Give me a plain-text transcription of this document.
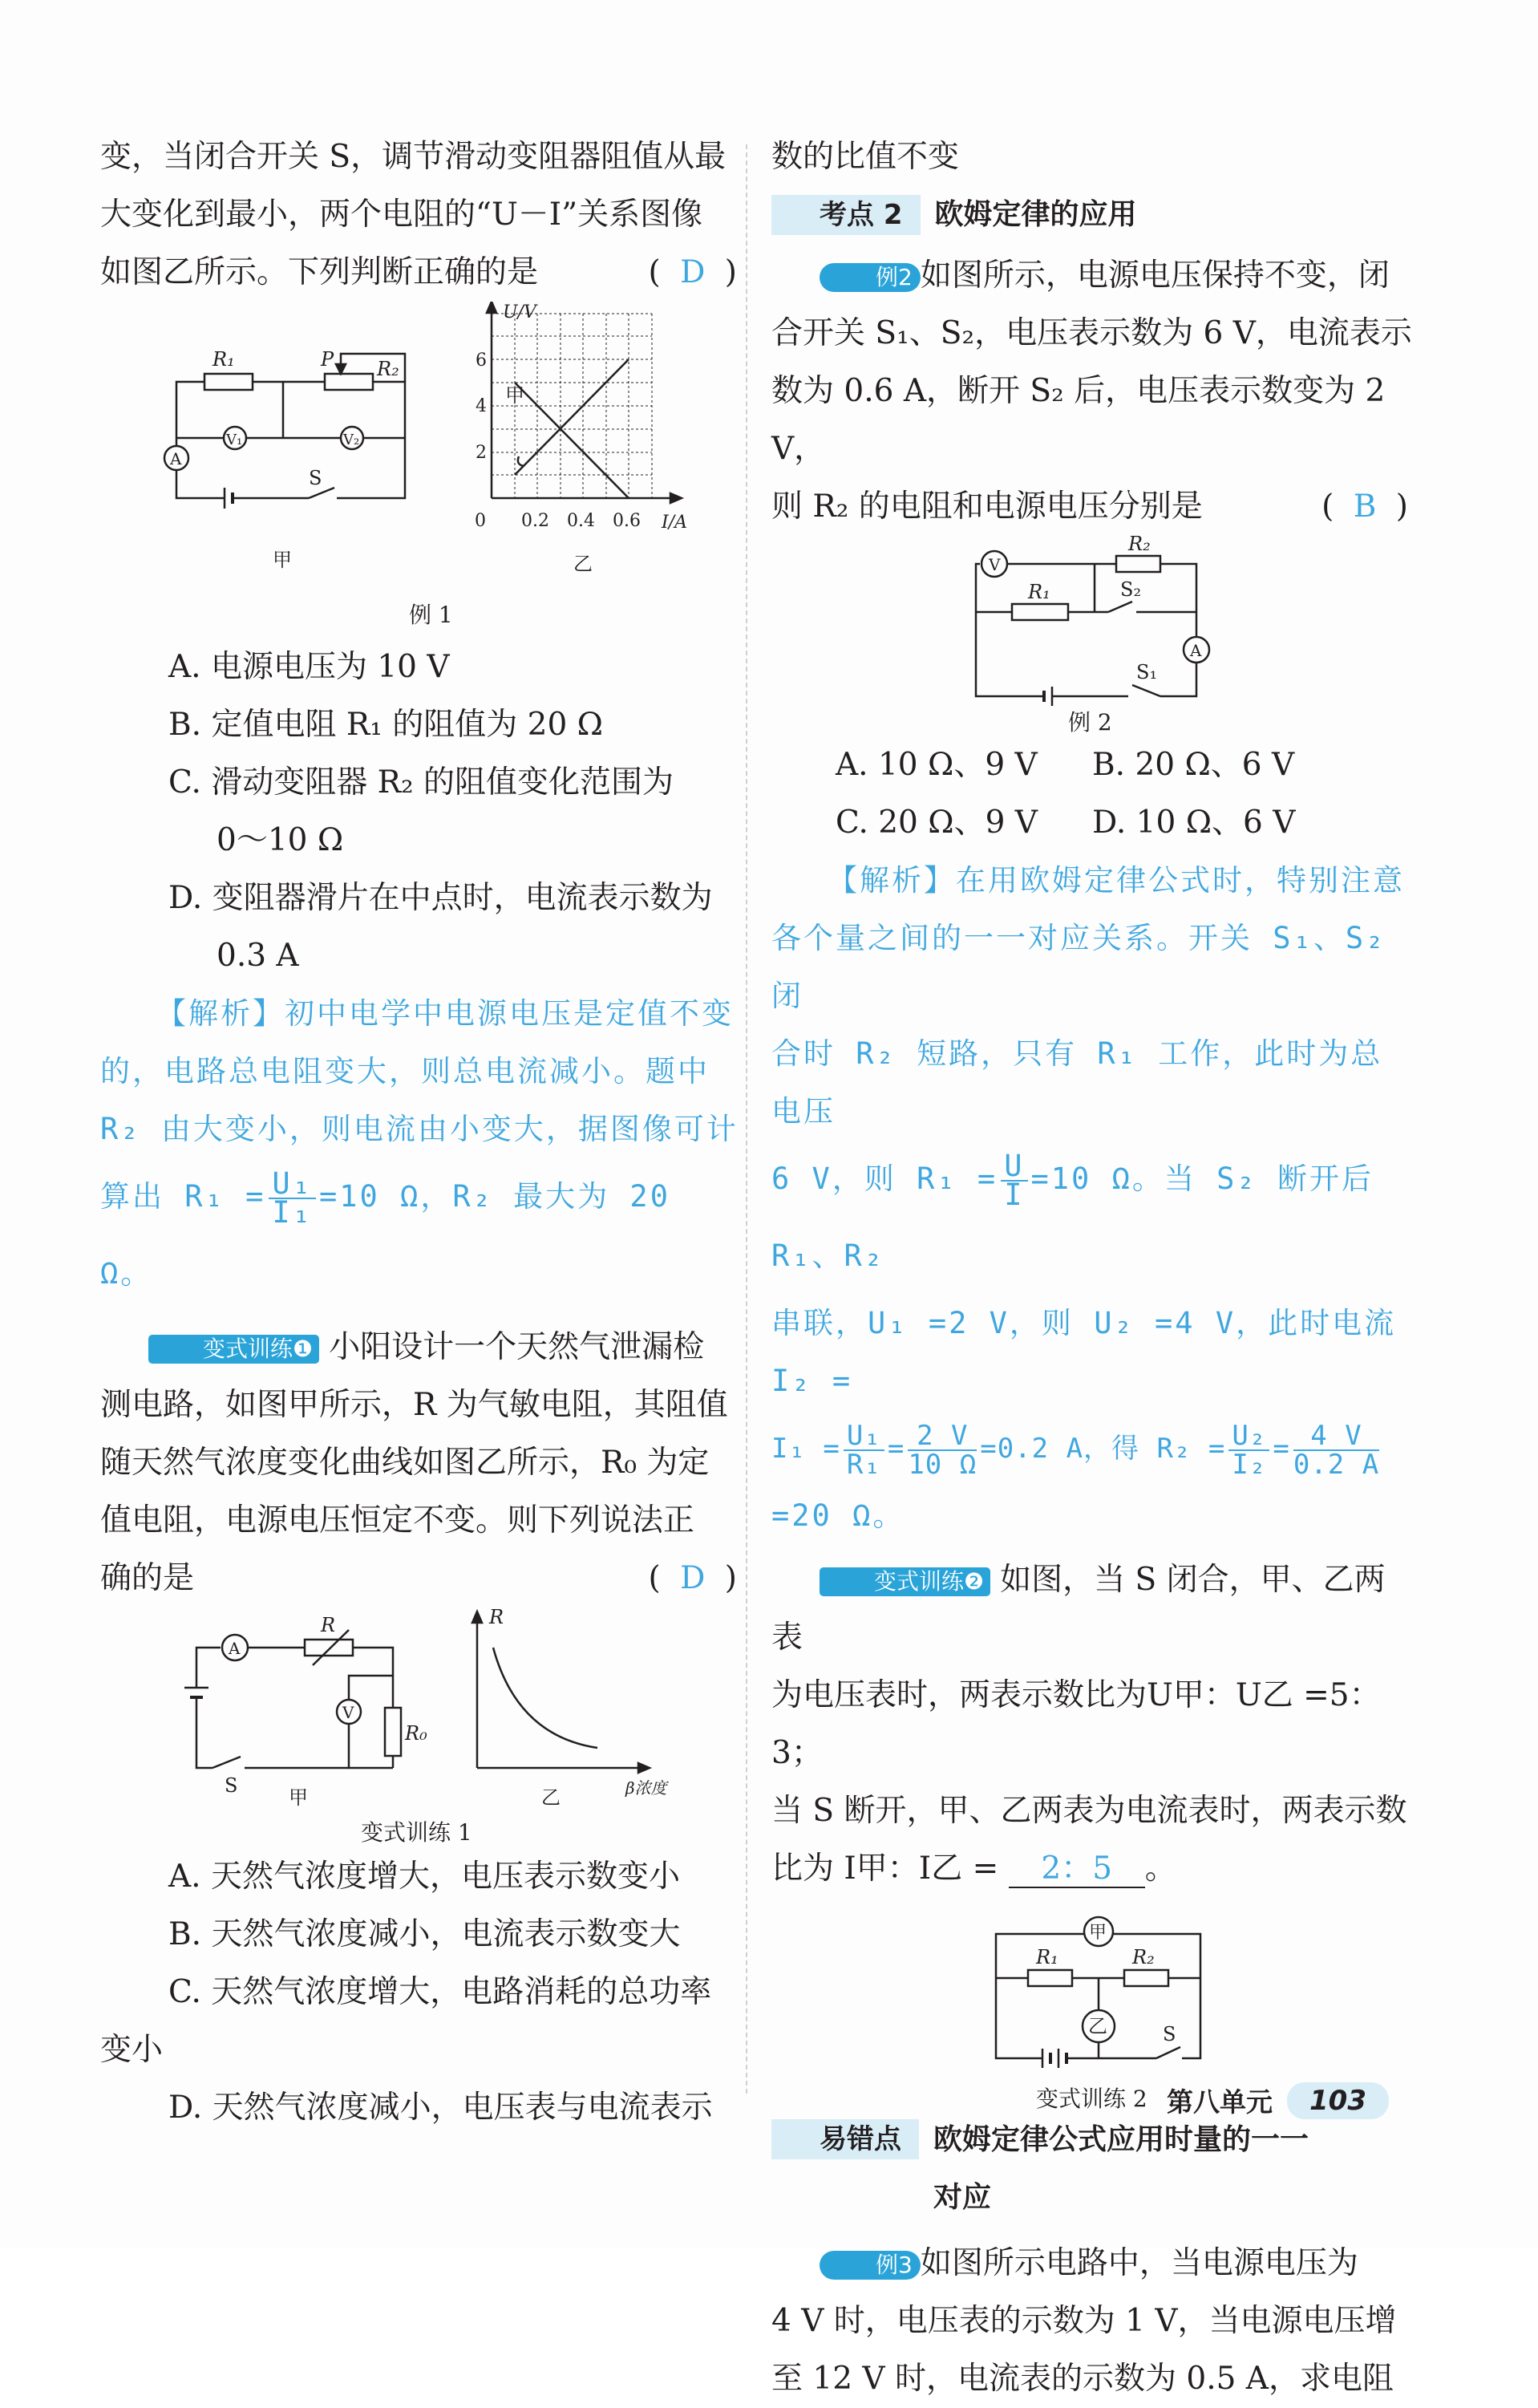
变，当闭合开关 S，调节滑动变阻器阻值从最

大变化到最小，两个电阻的“U－I”关系图像

如图乙所示。下列判断正确的是	( D )

R₁	P R₂
V₁	V₂
A
S
甲
甲
U/V
6
4
2
0 0.2 0.4 0.6 I/A
乙
例 1

A. 电源电压为 10 V

B. 定值电阻 R₁ 的阻值为 20 Ω

C. 滑动变阻器 R₂ 的阻值变化范围为

0～10 Ω

D. 变阻器滑片在中点时，电流表示数为

0.3 A

【解析】初中电学中电源电压是定值不变

的，电路总电阻变大，则总电流减小。题中

R₂ 由大变小，则电流由小变大，据图像可计

算出 $R_1 = \frac{\text{U₁}}{\text{I₁}} =10$ Ω，R₂ 最大为 20 Ω。

变式训练❶ 小阳设计一个天然气泄漏检

测电路，如图甲所示，R 为气敏电阻，其阻值

随天然气浓度变化曲线如图乙所示，R₀ 为定

值电阻，电源电压恒定不变。则下列说法正

确的是	( D )

A
R
V
R₀
S
甲
R
β浓度
乙
变式训练 1

A. 天然气浓度增大，电压表示数变小

B. 天然气浓度减小，电流表示数变大

C. 天然气浓度增大，电路消耗的总功率

变小

D. 天然气浓度减小，电压表与电流表示

数的比值不变

考点 2	欧姆定律的应用

例2 如图所示，电源电压保持不变，闭

合开关 S₁、S₂，电压表示数为 6 V，电流表示

数为 0.6 A，断开 S₂ 后，电压表示数变为 2 V，

则 R₂ 的电阻和电源电压分别是	( B )

V
R₂
R₁	S₂
A
S₁
例 2
A. 10 Ω、9 V	B. 20 Ω、6 V
C. 20 Ω、9 V	D. 10 Ω、6 V

【解析】在用欧姆定律公式时，特别注意

各个量之间的一一对应关系。开关 S₁、S₂ 闭

合时 R₂ 短路，只有 R₁ 工作，此时为总电压

6 V，则 $R_1 = \frac{U}{I} =10$ Ω。当 S₂ 断开后 R₁、R₂

串联，U₁ =2 V，则 U₂ =4 V，此时电流 I₂ =

$I_1 = \frac{\text{U₁}}{\text{R₁}} = \frac{2 V}{10 \Omega} =0.2$ A，得 $R_2 = \frac{\text{U₂}}{\text{I₂}} = \frac{4 V}{0.2 A}$

=20 Ω。

变式训练❷ 如图，当 S 闭合，甲、乙两表

为电压表时，两表示数比为U甲：U乙 =5：3；

当 S 断开，甲、乙两表为电流表时，两表示数

比为 I甲：I乙 = 2：5 。

甲
乙
R₁	R₂
S
变式训练 2
易错点	欧姆定律公式应用时量的一一
对应

例3 如图所示电路中，当电源电压为

4 V 时，电压表的示数为 1 V，当电源电压增

至 12 V 时，电流表的示数为 0.5 A，求电阻

第八单元	103
